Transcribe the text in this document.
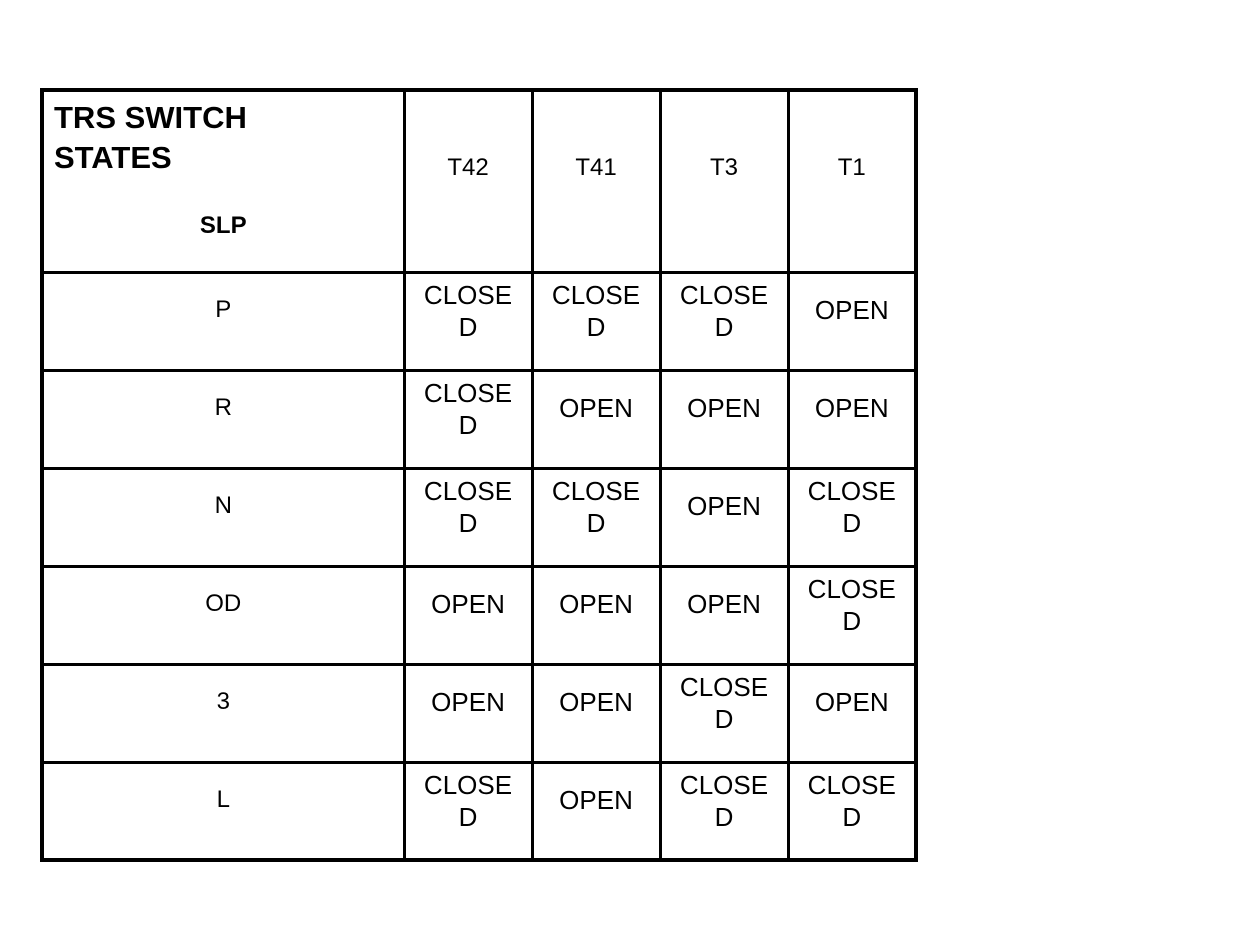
TRS SWITCH STATES
SLP	T42	T41	T3	T1
P	CLOSED	CLOSED	CLOSED	OPEN

R	CLOSED	OPEN	OPEN	OPEN

N	CLOSED	CLOSED	OPEN	CLOSED

OD	OPEN	OPEN	OPEN	CLOSED

3	OPEN	OPEN	CLOSED	OPEN

L	CLOSED	OPEN	CLOSED	CLOSED
